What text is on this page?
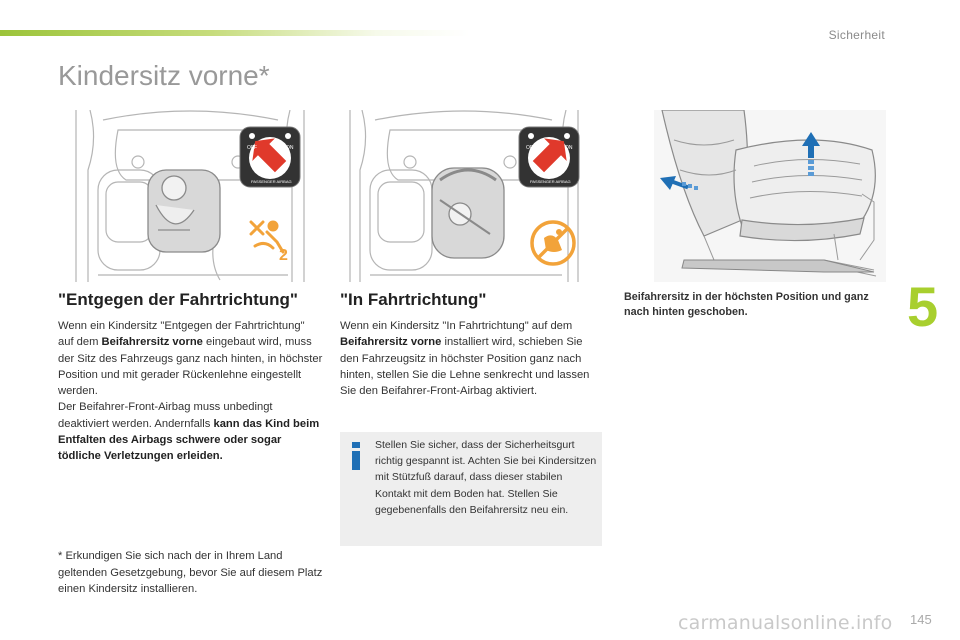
Sicherheit
Kindersitz vorne*
OFF	ON
PASSENGER AIRBAG
2
OFF	ON
PASSENGER AIRBAG
"Entgegen der Fahrtrichtung"

Wenn ein Kindersitz "Entgegen der Fahrtrichtung" auf dem Beifahrersitz vorne eingebaut wird, muss der Sitz des Fahrzeugs ganz nach hinten, in höchster Position und mit gerader Rückenlehne eingestellt werden.
Der Beifahrer-Front-Airbag muss unbedingt deaktiviert werden. Andernfalls kann das Kind beim Entfalten des Airbags schwere oder sogar tödliche Verletzungen erleiden.

* Erkundigen Sie sich nach der in Ihrem Land geltenden Gesetzgebung, bevor Sie auf diesem Platz einen Kindersitz installieren.

"In Fahrtrichtung"

Wenn ein Kindersitz "In Fahrtrichtung" auf dem Beifahrersitz vorne installiert wird, schieben Sie den Fahrzeugsitz in höchster Position ganz nach hinten, stellen Sie die Lehne senkrecht und lassen Sie den Beifahrer-Front-Airbag aktiviert.

Stellen Sie sicher, dass der Sicherheitsgurt richtig gespannt ist. Achten Sie bei Kindersitzen mit Stützfuß darauf, dass dieser stabilen Kontakt mit dem Boden hat. Stellen Sie gegebenenfalls den Beifahrersitz neu ein.

Beifahrersitz in der höchsten Position und ganz nach hinten geschoben.	5
145
carmanualsonline.info
